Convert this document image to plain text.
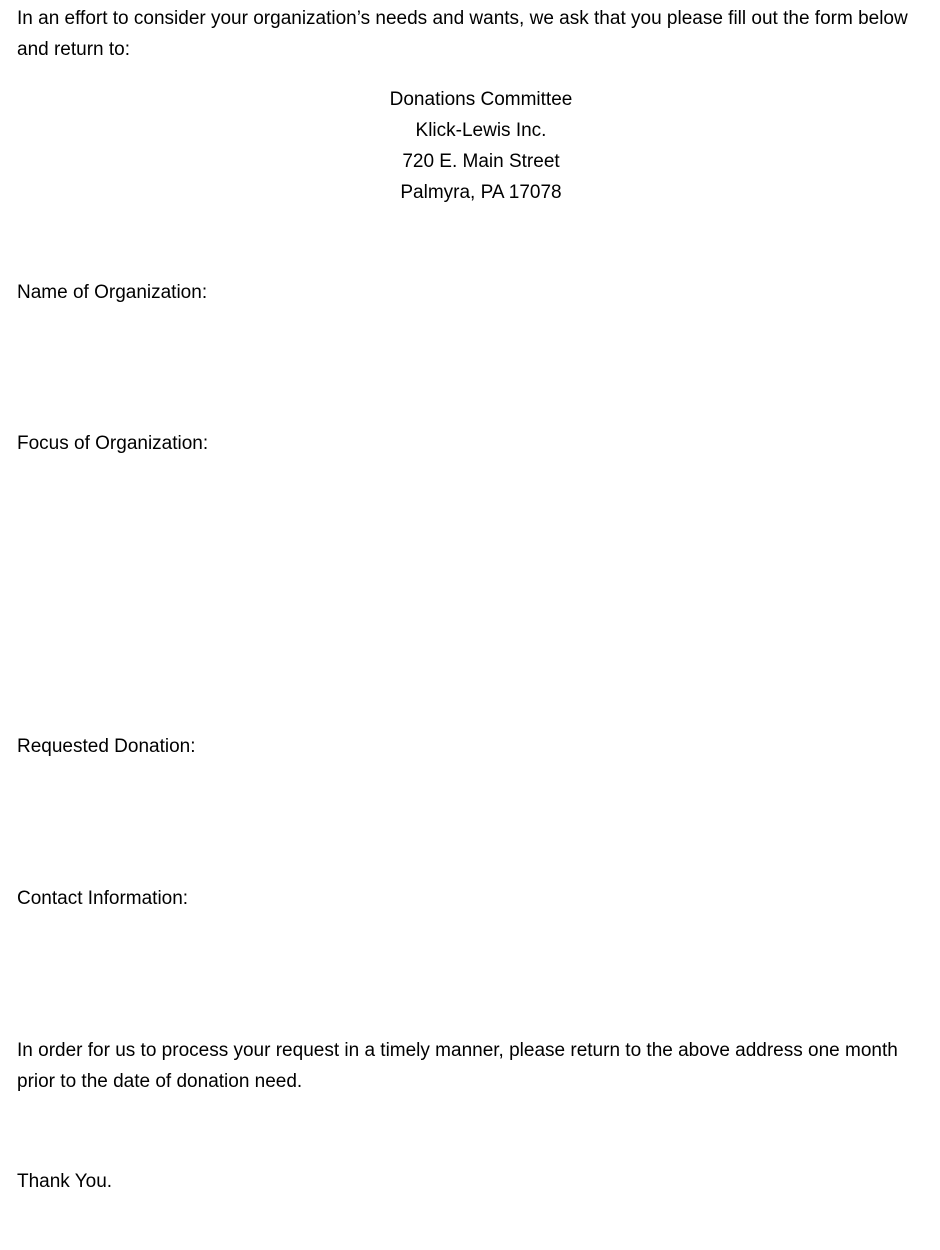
In an effort to consider your organization’s needs and wants, we ask that you please fill out the form below and return to:

Donations Committee
Klick-Lewis Inc.
720 E. Main Street
Palmyra, PA 17078

Name of Organization:

Focus of Organization:

Requested Donation:

Contact Information:

In order for us to process your request in a timely manner, please return to the above address one month prior to the date of donation need.

Thank You.
